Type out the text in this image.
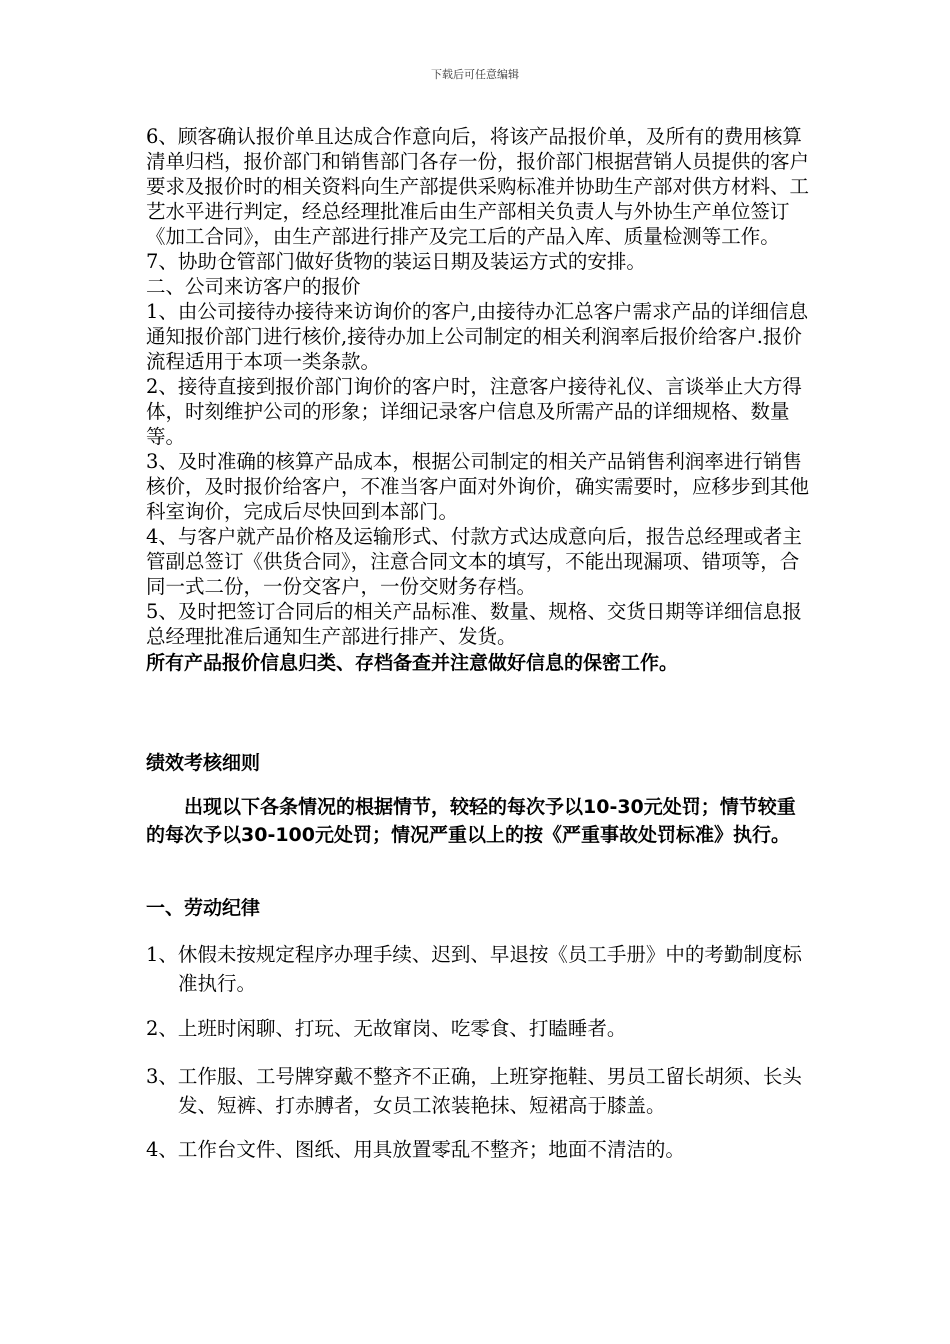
下载后可任意编辑

6、顾客确认报价单且达成合作意向后，将该产品报价单，及所有的费用核算清单归档，报价部门和销售部门各存一份，报价部门根据营销人员提供的客户要求及报价时的相关资料向生产部提供采购标准并协助生产部对供方材料、工艺水平进行判定，经总经理批准后由生产部相关负责人与外协生产单位签订《加工合同》，由生产部进行排产及完工后的产品入库、质量检测等工作。

7、协助仓管部门做好货物的装运日期及装运方式的安排。

二、公司来访客户的报价

1、由公司接待办接待来访询价的客户,由接待办汇总客户需求产品的详细信息通知报价部门进行核价,接待办加上公司制定的相关利润率后报价给客户.报价流程适用于本项一类条款。

2、接待直接到报价部门询价的客户时，注意客户接待礼仪、言谈举止大方得体，时刻维护公司的形象；详细记录客户信息及所需产品的详细规格、数量等。

3、及时准确的核算产品成本，根据公司制定的相关产品销售利润率进行销售核价，及时报价给客户，不准当客户面对外询价，确实需要时，应移步到其他科室询价，完成后尽快回到本部门。

4、与客户就产品价格及运输形式、付款方式达成意向后，报告总经理或者主管副总签订《供货合同》，注意合同文本的填写，不能出现漏项、错项等，合同一式二份，一份交客户，一份交财务存档。

5、及时把签订合同后的相关产品标准、数量、规格、交货日期等详细信息报总经理批准后通知生产部进行排产、发货。

所有产品报价信息归类、存档备查并注意做好信息的保密工作。

绩效考核细则
出现以下各条情况的根据情节，较轻的每次予以10-30元处罚；情节较重的每次予以30-100元处罚；情况严重以上的按《严重事故处罚标准》执行。
一、劳动纪律
1、休假未按规定程序办理手续、迟到、早退按《员工手册》中的考勤制度标准执行。
2、上班时闲聊、打玩、无故窜岗、吃零食、打瞌睡者。
3、工作服、工号牌穿戴不整齐不正确，上班穿拖鞋、男员工留长胡须、长头发、短裤、打赤膊者，女员工浓装艳抹、短裙高于膝盖。
4、工作台文件、图纸、用具放置零乱不整齐；地面不清洁的。
